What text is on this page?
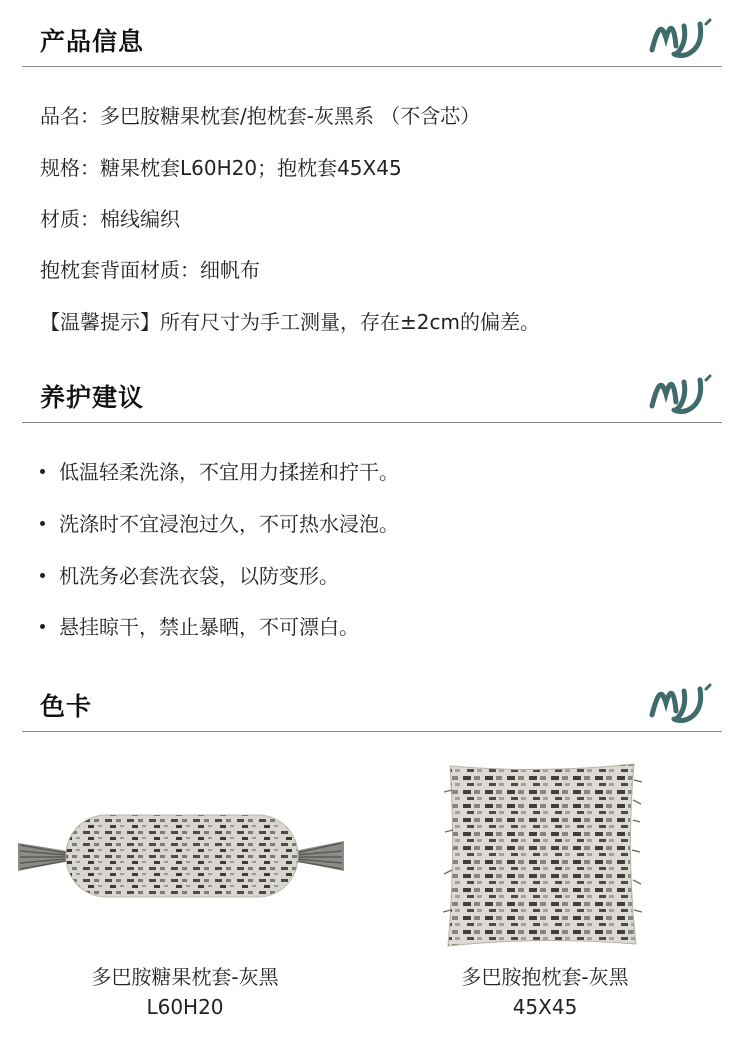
产品信息
品名：多巴胺糖果枕套/抱枕套-灰黑系 （不含芯）
规格：糖果枕套L60H20；抱枕套45X45
材质：棉线编织
抱枕套背面材质：细帆布
【温馨提示】所有尺寸为手工测量，存在±2cm的偏差。
养护建议
低温轻柔洗涤，不宜用力揉搓和拧干。
洗涤时不宜浸泡过久，不可热水浸泡。
机洗务必套洗衣袋，以防变形。
悬挂晾干，禁止暴晒，不可漂白。
色卡
多巴胺糖果枕套-灰黑
L60H20
多巴胺抱枕套-灰黑
45X45
